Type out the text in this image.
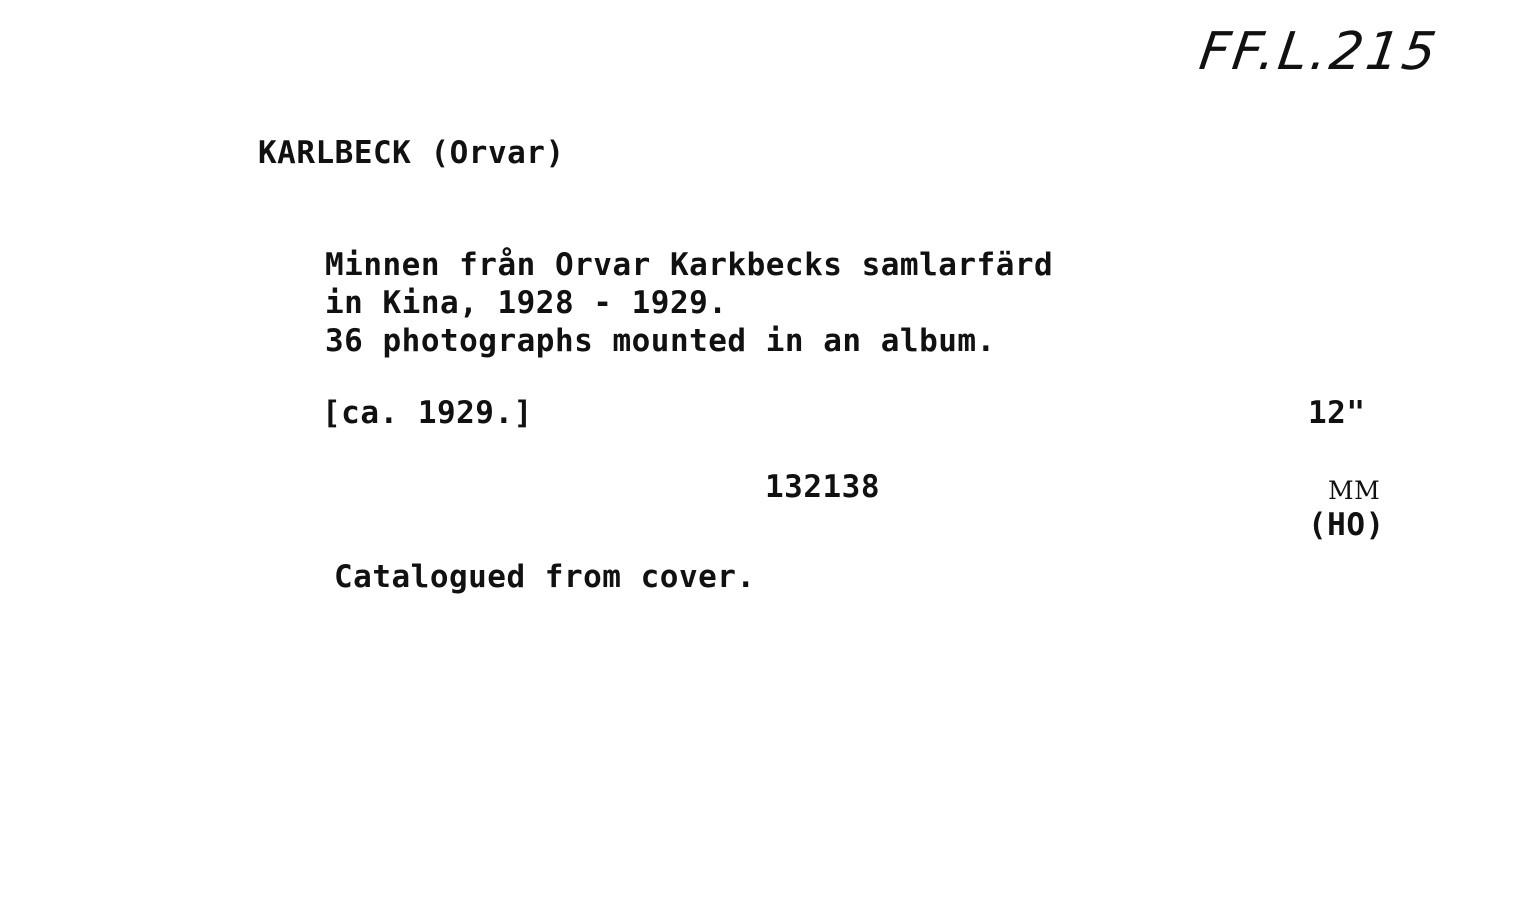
FF.L.215
KARLBECK (Orvar)
Minnen från Orvar Karkbecks samlarfärd
in Kina, 1928 - 1929.
36 photographs mounted in an album.
[ca. 1929.]	12"
132138	MM
(HO)
Catalogued from cover.
